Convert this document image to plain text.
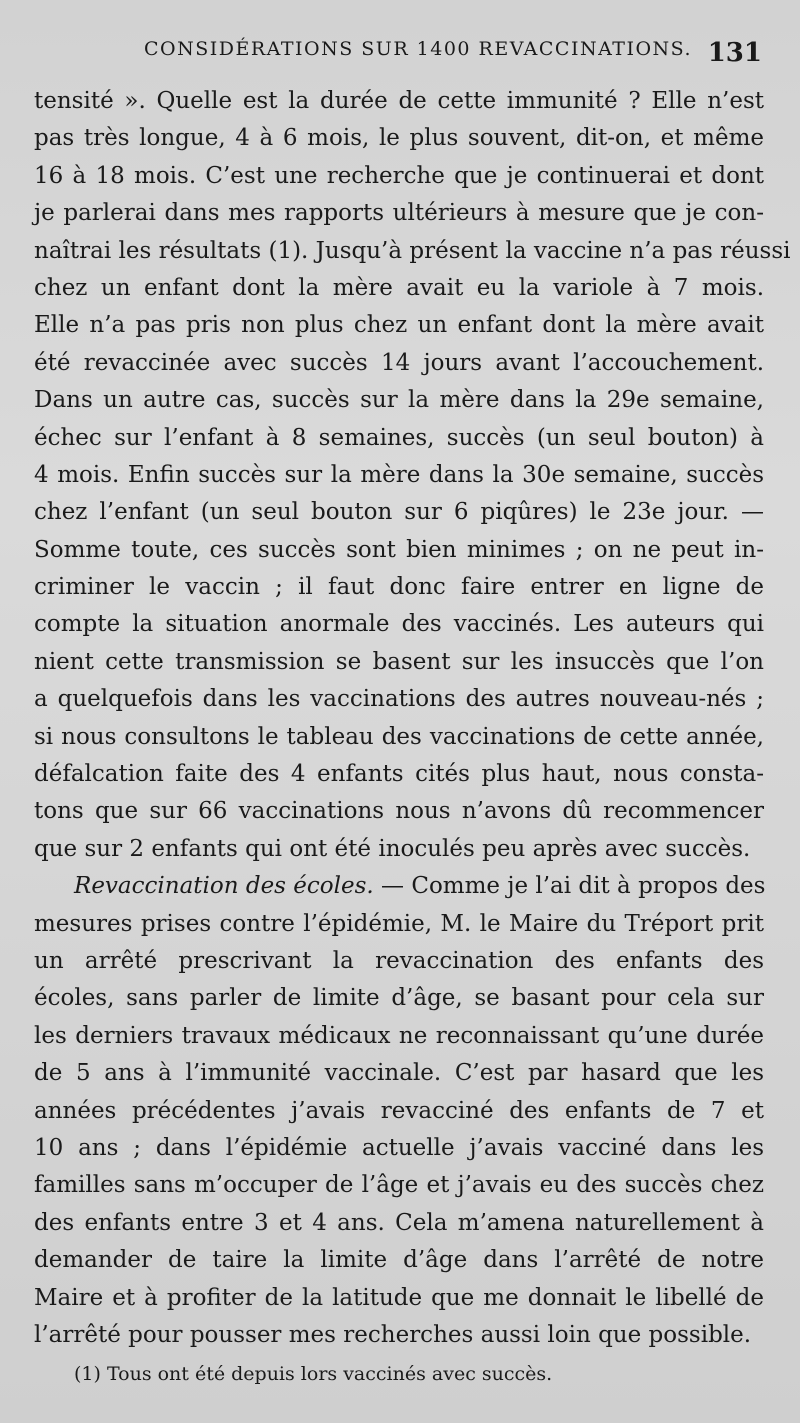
CONSIDÉRATIONS SUR 1400 REVACCINATIONS. 131
tensité ». Quelle est la durée de cette immunité ? Elle n’est
pas très longue, 4 à 6 mois, le plus souvent, dit-on, et même
16 à 18 mois. C’est une recherche que je continuerai et dont
je parlerai dans mes rapports ultérieurs à mesure que je con-
naîtrai les résultats (1). Jusqu’à présent la vaccine n’a pas réussi
chez un enfant dont la mère avait eu la variole à 7 mois.
Elle n’a pas pris non plus chez un enfant dont la mère avait
été revaccinée avec succès 14 jours avant l’accouchement.
Dans un autre cas, succès sur la mère dans la 29e semaine,
échec sur l’enfant à 8 semaines, succès (un seul bouton) à
4 mois. Enfin succès sur la mère dans la 30e semaine, succès
chez l’enfant (un seul bouton sur 6 piqûres) le 23e jour. —
Somme toute, ces succès sont bien minimes ; on ne peut in-
criminer le vaccin ; il faut donc faire entrer en ligne de
compte la situation anormale des vaccinés. Les auteurs qui
nient cette transmission se basent sur les insuccès que l’on
a quelquefois dans les vaccinations des autres nouveau-nés ;
si nous consultons le tableau des vaccinations de cette année,
défalcation faite des 4 enfants cités plus haut, nous consta-
tons que sur 66 vaccinations nous n’avons dû recommencer
que sur 2 enfants qui ont été inoculés peu après avec succès.
Revaccination des écoles. — Comme je l’ai dit à propos des
mesures prises contre l’épidémie, M. le Maire du Tréport prit
un arrêté prescrivant la revaccination des enfants des
écoles, sans parler de limite d’âge, se basant pour cela sur
les derniers travaux médicaux ne reconnaissant qu’une durée
de 5 ans à l’immunité vaccinale. C’est par hasard que les
années précédentes j’avais revacciné des enfants de 7 et
10 ans ; dans l’épidémie actuelle j’avais vacciné dans les
familles sans m’occuper de l’âge et j’avais eu des succès chez
des enfants entre 3 et 4 ans. Cela m’amena naturellement à
demander de taire la limite d’âge dans l’arrêté de notre
Maire et à profiter de la latitude que me donnait le libellé de
l’arrêté pour pousser mes recherches aussi loin que possible.
(1) Tous ont été depuis lors vaccinés avec succès.
